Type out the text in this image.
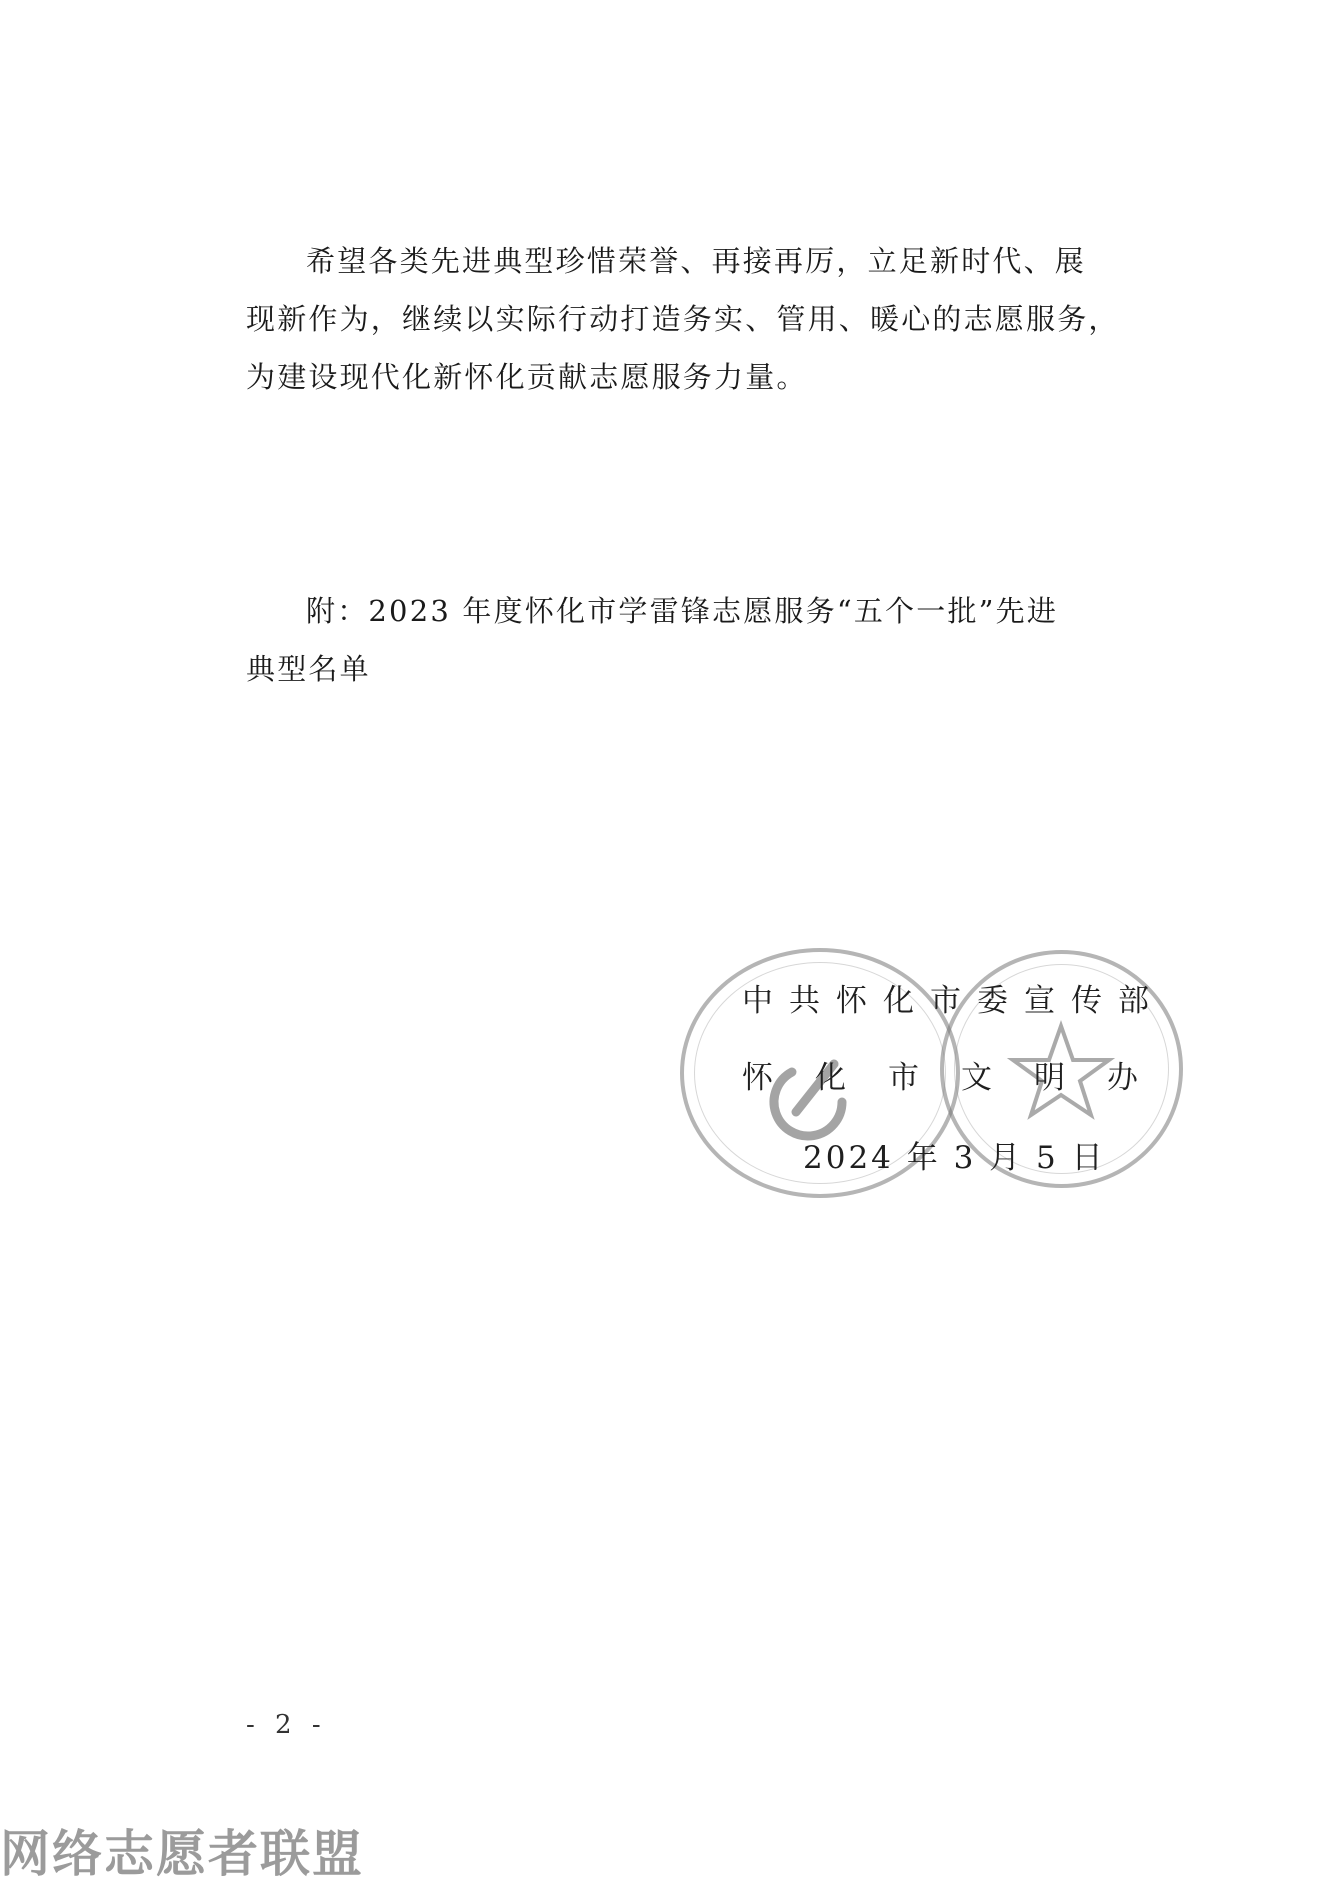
希望各类先进典型珍惜荣誉、再接再厉，立足新时代、展
现新作为，继续以实际行动打造务实、管用、暖心的志愿服务，
为建设现代化新怀化贡献志愿服务力量。

附：2023 年度怀化市学雷锋志愿服务“五个一批”先进
典型名单

中共怀化市委宣传部
怀化市文明办
2024 年 3 月 5 日
- 2 -
网络志愿者联盟
